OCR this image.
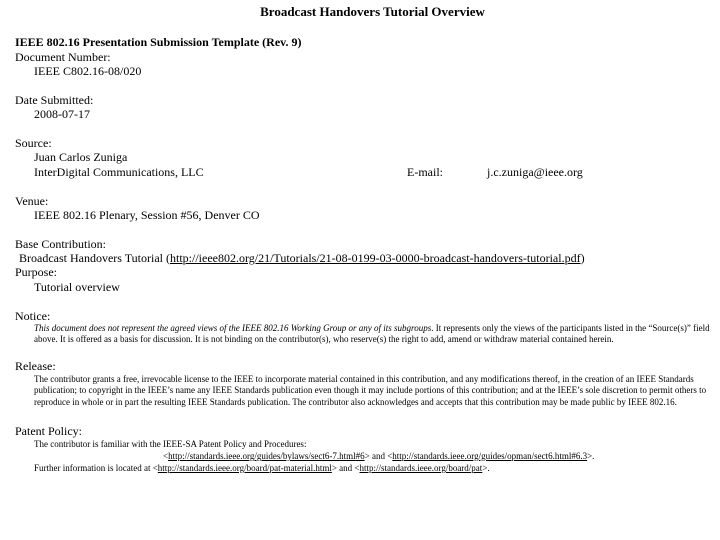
Broadcast Handovers Tutorial Overview
IEEE 802.16 Presentation Submission Template (Rev. 9)
Document Number:
IEEE C802.16-08/020
Date Submitted:
2008-07-17
Source:
Juan Carlos Zuniga
InterDigital Communications, LLC	E-mail:	j.c.zuniga@ieee.org
Venue:
IEEE 802.16 Plenary, Session #56, Denver CO
Base Contribution:
Broadcast Handovers Tutorial (http://ieee802.org/21/Tutorials/21-08-0199-03-0000-broadcast-handovers-tutorial.pdf)
Purpose:
Tutorial overview
Notice:
This document does not represent the agreed views of the IEEE 802.16 Working Group or any of its subgroups. It represents only the views of the participants listed in the “Source(s)” field above. It is offered as a basis for discussion. It is not binding on the contributor(s), who reserve(s) the right to add, amend or withdraw material contained herein.
Release:
The contributor grants a free, irrevocable license to the IEEE to incorporate material contained in this contribution, and any modifications thereof, in the creation of an IEEE Standards publication; to copyright in the IEEE’s name any IEEE Standards publication even though it may include portions of this contribution; and at the IEEE’s sole discretion to permit others to reproduce in whole or in part the resulting IEEE Standards publication. The contributor also acknowledges and accepts that this contribution may be made public by IEEE 802.16.
Patent Policy:
The contributor is familiar with the IEEE-SA Patent Policy and Procedures:
<http://standards.ieee.org/guides/bylaws/sect6-7.html#6> and <http://standards.ieee.org/guides/opman/sect6.html#6.3>.
Further information is located at <http://standards.ieee.org/board/pat-material.html> and <http://standards.ieee.org/board/pat>.
